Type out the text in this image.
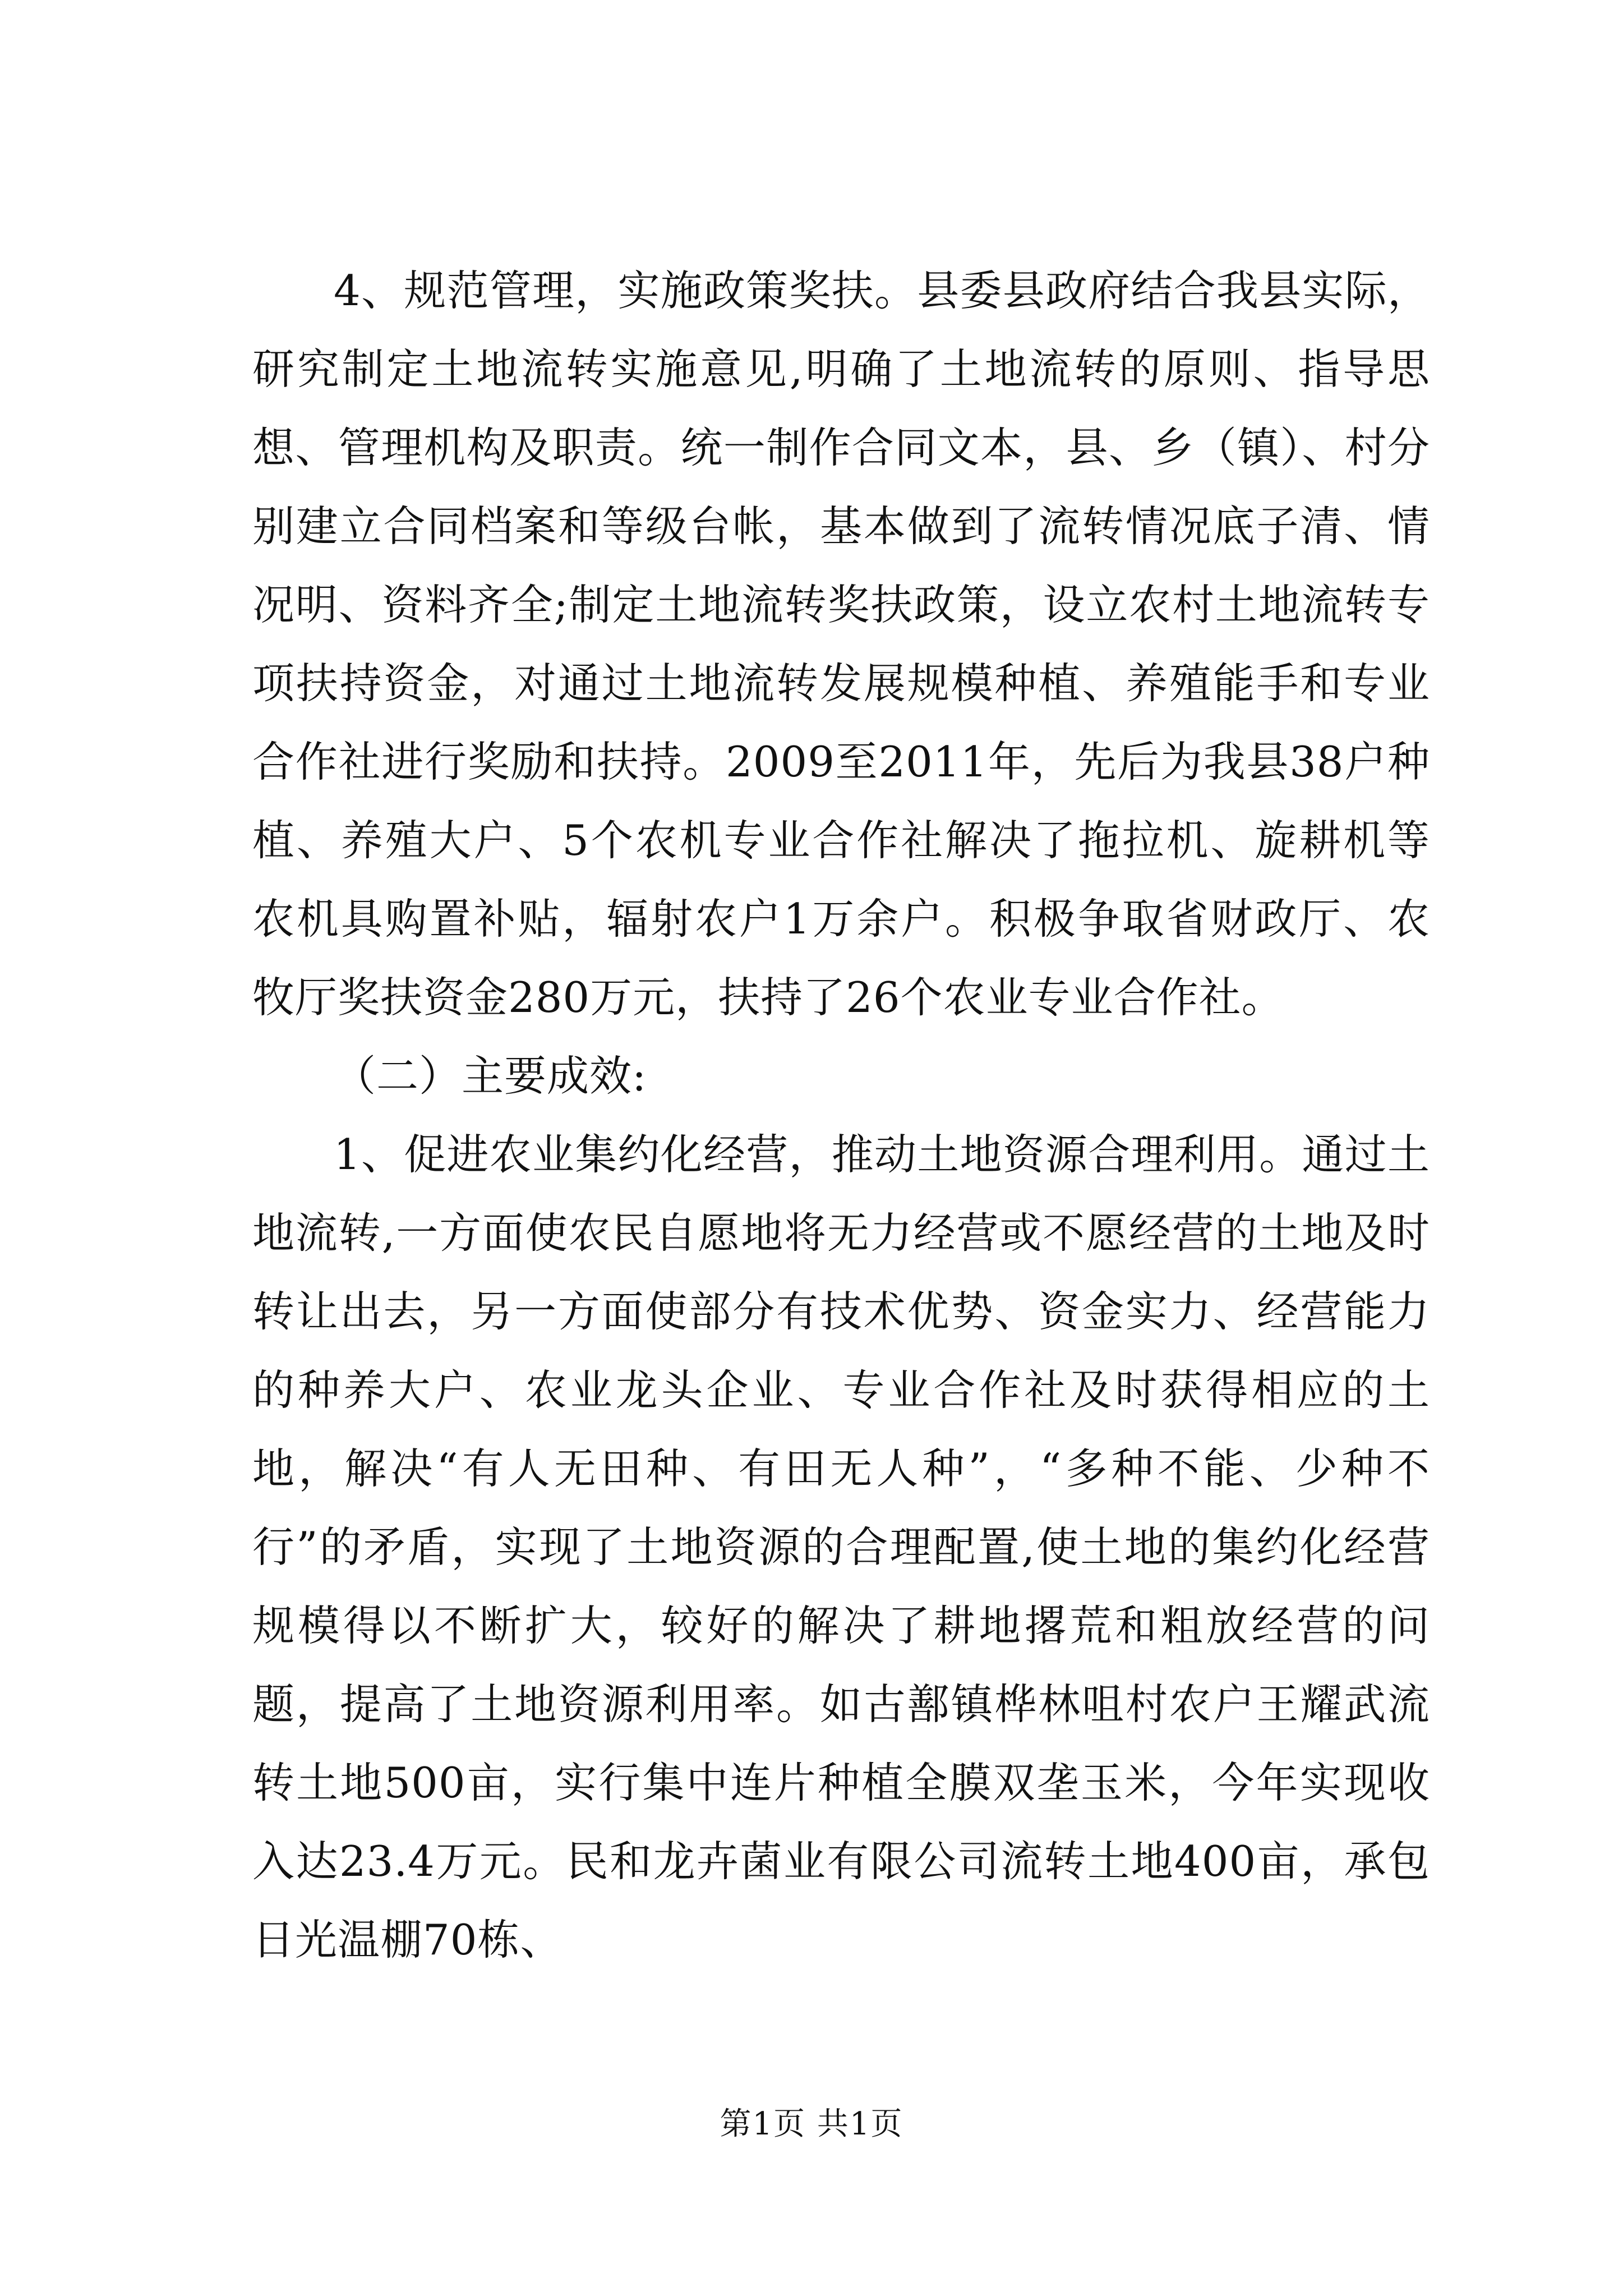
4、规范管理，实施政策奖扶。县委县政府结合我县实际，研究制定土地流转实施意见,明确了土地流转的原则、指导思想、管理机构及职责。统一制作合同文本，县、乡（镇）、村分别建立合同档案和等级台帐，基本做到了流转情况底子清、情况明、资料齐全;制定土地流转奖扶政策，设立农村土地流转专项扶持资金，对通过土地流转发展规模种植、养殖能手和专业合作社进行奖励和扶持。2009至2011年，先后为我县38户种植、养殖大户、5个农机专业合作社解决了拖拉机、旋耕机等农机具购置补贴，辐射农户1万余户。积极争取省财政厅、农牧厅奖扶资金280万元，扶持了26个农业专业合作社。

（二）主要成效:

1、促进农业集约化经营，推动土地资源合理利用。通过土地流转,一方面使农民自愿地将无力经营或不愿经营的土地及时转让出去，另一方面使部分有技术优势、资金实力、经营能力的种养大户、农业龙头企业、专业合作社及时获得相应的土地，解决“有人无田种、有田无人种”，“多种不能、少种不行”的矛盾，实现了土地资源的合理配置,使土地的集约化经营规模得以不断扩大，较好的解决了耕地撂荒和粗放经营的问题，提高了土地资源利用率。如古鄯镇桦林咀村农户王耀武流转土地500亩，实行集中连片种植全膜双垄玉米，今年实现收入达23.4万元。民和龙卉菌业有限公司流转土地400亩，承包日光温棚70栋、

第1页 共1页
